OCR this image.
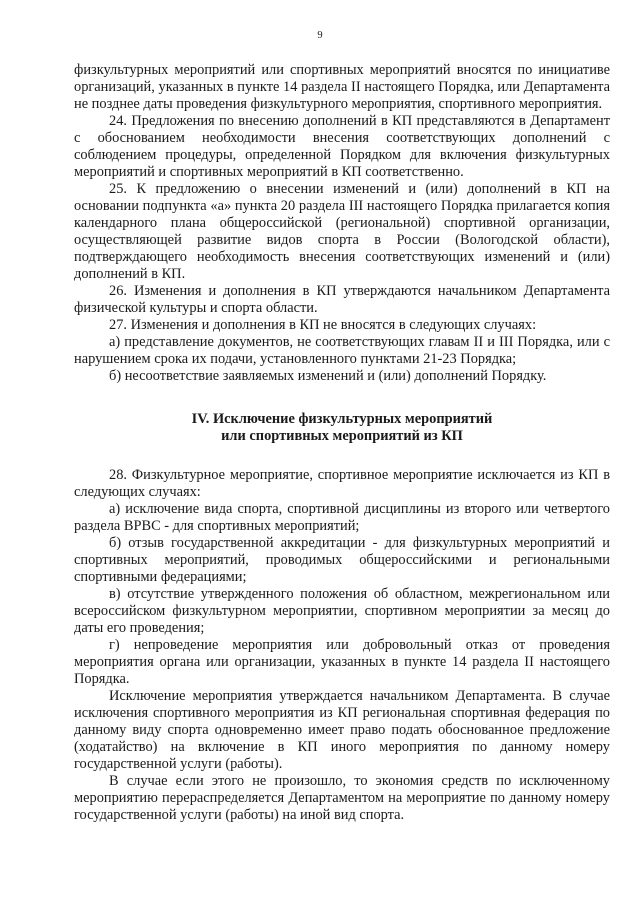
9

физкультурных мероприятий или спортивных мероприятий вносятся по инициативе организаций, указанных в пункте 14 раздела II настоящего Порядка, или Департамента не позднее даты проведения физкультурного мероприятия, спортивного мероприятия.

24. Предложения по внесению дополнений в КП представляются в Департамент с обоснованием необходимости внесения соответствующих дополнений с соблюдением процедуры, определенной Порядком для включения физкультурных мероприятий и спортивных мероприятий в КП соответственно.

25. К предложению о внесении изменений и (или) дополнений в КП на основании подпункта «а» пункта 20 раздела III настоящего Порядка прилагается копия календарного плана общероссийской (региональной) спортивной организации, осуществляющей развитие видов спорта в России (Вологодской области), подтверждающего необходимость внесения соответствующих изменений и (или) дополнений в КП.

26. Изменения и дополнения в КП утверждаются начальником Департамента физической культуры и спорта области.

27. Изменения и дополнения в КП не вносятся в следующих случаях:

а) представление документов, не соответствующих главам II и III Порядка, или с нарушением срока их подачи, установленного пунктами 21-23 Порядка;

б) несоответствие заявляемых изменений и (или) дополнений Порядку.

IV. Исключение физкультурных мероприятий

или спортивных мероприятий из КП

28. Физкультурное мероприятие, спортивное мероприятие исключается из КП в следующих случаях:

а) исключение вида спорта, спортивной дисциплины из второго или четвертого раздела ВРВС - для спортивных мероприятий;

б) отзыв государственной аккредитации - для физкультурных мероприятий и спортивных мероприятий, проводимых общероссийскими и региональными спортивными федерациями;

в) отсутствие утвержденного положения об областном, межрегиональном или всероссийском физкультурном мероприятии, спортивном мероприятии за месяц до даты его проведения;

г) непроведение мероприятия или добровольный отказ от проведения мероприятия органа или организации, указанных в пункте 14 раздела II настоящего Порядка.

Исключение мероприятия утверждается начальником Департамента. В случае исключения спортивного мероприятия из КП региональная спортивная федерация по данному виду спорта одновременно имеет право подать обоснованное предложение (ходатайство) на включение в КП иного мероприятия по данному номеру государственной услуги (работы).

В случае если этого не произошло, то экономия средств по исключенному мероприятию перераспределяется Департаментом на мероприятие по данному номеру государственной услуги (работы) на иной вид спорта.
